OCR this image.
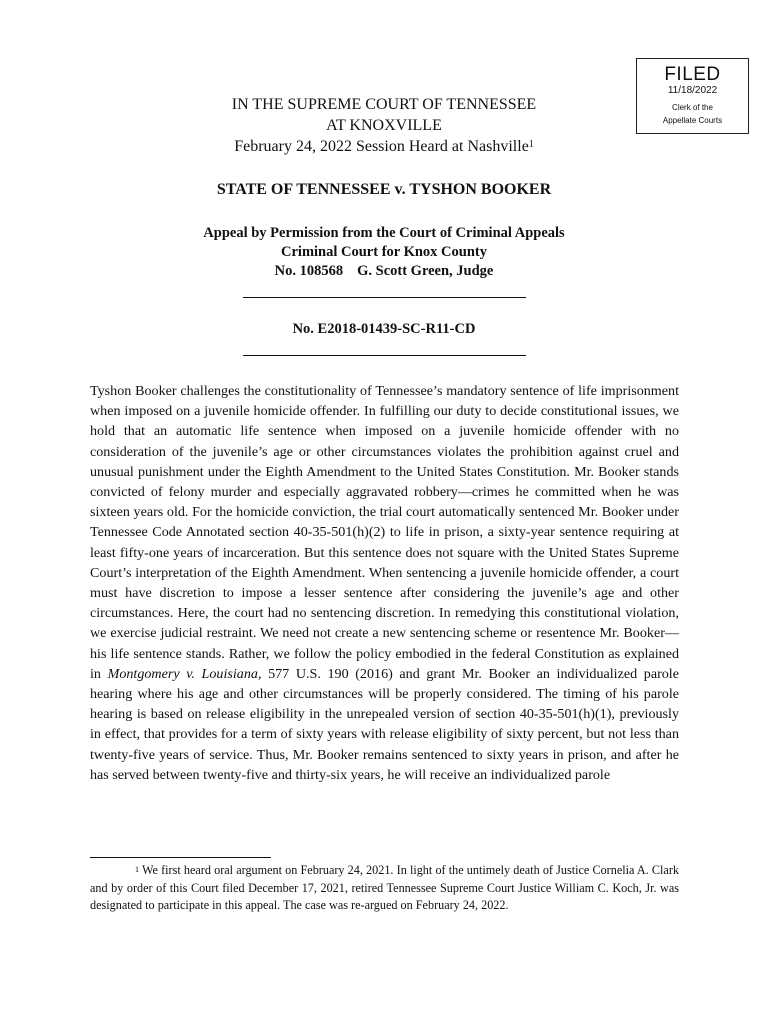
FILED
11/18/2022
Clerk of the
Appellate Courts
IN THE SUPREME COURT OF TENNESSEE
AT KNOXVILLE
February 24, 2022 Session Heard at Nashville$^1$
STATE OF TENNESSEE v. TYSHON BOOKER
Appeal by Permission from the Court of Criminal Appeals
Criminal Court for Knox County
No. 108568 G. Scott Green, Judge
No. E2018-01439-SC-R11-CD
Tyshon Booker challenges the constitutionality of Tennessee’s mandatory sentence of life imprisonment when imposed on a juvenile homicide offender. In fulfilling our duty to decide constitutional issues, we hold that an automatic life sentence when imposed on a juvenile homicide offender with no consideration of the juvenile’s age or other circumstances violates the prohibition against cruel and unusual punishment under the Eighth Amendment to the United States Constitution. Mr. Booker stands convicted of felony murder and especially aggravated robbery—crimes he committed when he was sixteen years old. For the homicide conviction, the trial court automatically sentenced Mr. Booker under Tennessee Code Annotated section 40-35-501(h)(2) to life in prison, a sixty-year sentence requiring at least fifty-one years of incarceration. But this sentence does not square with the United States Supreme Court’s interpretation of the Eighth Amendment. When sentencing a juvenile homicide offender, a court must have discretion to impose a lesser sentence after considering the juvenile’s age and other circumstances. Here, the court had no sentencing discretion. In remedying this constitutional violation, we exercise judicial restraint. We need not create a new sentencing scheme or resentence Mr. Booker—his life sentence stands. Rather, we follow the policy embodied in the federal Constitution as explained in Montgomery v. Louisiana, 577 U.S. 190 (2016) and grant Mr. Booker an individualized parole hearing where his age and other circumstances will be properly considered. The timing of his parole hearing is based on release eligibility in the unrepealed version of section 40-35-501(h)(1), previously in effect, that provides for a term of sixty years with release eligibility of sixty percent, but not less than twenty-five years of service. Thus, Mr. Booker remains sentenced to sixty years in prison, and after he has served between twenty-five and thirty-six years, he will receive an individualized parole
$^1$ We first heard oral argument on February 24, 2021. In light of the untimely death of Justice Cornelia A. Clark and by order of this Court filed December 17, 2021, retired Tennessee Supreme Court Justice William C. Koch, Jr. was designated to participate in this appeal. The case was re-argued on February 24, 2022.
